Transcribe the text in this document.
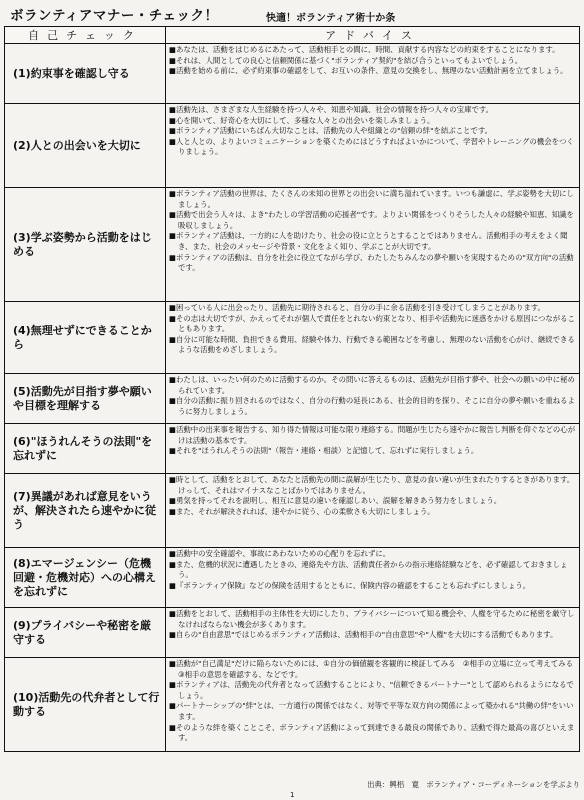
ボランティアマナー・チェック！	快適！ボランティア術十か条
自己チェック	アドバイス
(1)約束事を確認し守る	■あなたは、活動をはじめるにあたって、活動相手との間に、時間、貢献する内容などの約束をすることになります。

■それは、人間としての良心と信頼関係に基づく"ボランティア契約"を結び合うといってもよいでしょう。

■活動を始める前に、必ず約束事の確認をして、お互いの条件、意見の交換をし、無理のない活動計画を立てましょう。

(2)人との出会いを大切に	■活動先は、さまざまな人生経験を持つ人々や、知恵や知識、社会の情報を持つ人々の宝庫です。

■心を開いて、好奇心を大切にして、多様な人々との出会いを楽しみましょう。

■ボランティア活動にいちばん大切なことは、活動先の人や組織との"信頼の絆"を結ぶことです。

■人と人との、よりよいコミュニケーションを築くためにはどうすればよいかについて、学習やトレーニングの機会をつくりましょう。

(3)学ぶ姿勢から活動をはじめる	■ボランティア活動の世界は、たくさんの未知の世界との出会いに満ち溢れています。いつも謙虚に、学ぶ姿勢を大切にしましょう。

■活動で出会う人々は、よき"わたしの学習活動の応援者"です。よりよい関係をつくりそうした人々の経験や知恵、知識を吸収しましょう。

■ボランティア活動は、一方的に人を助けたり、社会の役に立とうとすることではありません。活動相手の考えをよく聞き、また、社会のメッセージや背景・文化をよく知り、学ぶことが大切です。

■ボランティアの活動は、自分を社会に役立てながら学び、わたしたちみんなの夢や願いを実現するための"双方向"の活動です。

(4)無理せずにできることから	■困っている人に出会ったり、活動先に期待されると、自分の手に余る活動を引き受けてしまうことがあります。

■その志は大切ですが、かえってそれが個人で責任をとれない約束となり、相手や活動先に迷惑をかける原因につながることもあります。

■自分に可能な時間、負担できる費用、経験や体力、行動できる範囲などを考慮し、無理のない活動を心がけ、継続できるような活動をめざしましょう。

(5)活動先が目指す夢や願いや目標を理解する	■わたしは、いったい何のために活動するのか。その問いに答えるものは、活動先が目指す夢や、社会への願いの中に秘められています。

■自分の活動に振り回されるのではなく、自分の行動の延長にある、社会的目的を探り、そこに自分の夢や願いを重ねるように努力しましょう。

(6)"ほうれんそうの法則"を忘れずに	■活動中の出来事を報告する、知り得た情報は可能な限り連絡する。問題が生じたら速やかに報告し判断を仰ぐなどの心がけは活動の基本です。

■それを"ほうれんそうの法則"（報告・連絡・相談）と記憶して、忘れずに実行しましょう。

(7)異議があれば意見をいうが、解決されたら速やかに従う	■時として、活動をとおして、あなたと活動先の間に誤解が生じたり、意見の食い違いが生まれたりするときがあります。けっして、それはマイナスなことばかりではありません。

■勇気を持ってそれを説明し、相互に意見の違いを確認しあい、誤解を解きあう努力をしましょう。

■また、それが解決されれば、速やかに従う、心の柔軟さも大切にしましょう。

(8)エマージェンシー（危機回避・危機対応）への心構えを忘れずに	■活動中の安全確認や、事故にあわないための心配りを忘れずに。

■また、危機的状況に遭遇したときの、連絡先や方法、活動責任者からの指示連絡経験などを、必ず確認しておきましょう。

■『ボランティア保険』などの保険を活用するとともに、保険内容の確認をすることも忘れずにしましょう。

(9)プライバシーや秘密を厳守する	■活動をとおして、活動相手の主体性を大切にしたり、プライバシーについて知る機会や、人権を守るために秘密を厳守しなければならない機会が多くあります。

■自らの"自由意思"ではじめるボランティア活動は、活動相手の"自由意思"や"人権"を大切にする活動でもあります。

(10)活動先の代弁者として行動する	■活動が"自己満足"だけに陥らないためには、①自分の価値観を客観的に検証してみる　②相手の立場に立って考えてみる　③相手の意思を確認する、などです。

■ボランティアは、活動先の代弁者となって活動することにより、"信頼できるパートナー"として認められるようになるでしょう。

■パートナーシップの"絆"とは、一方通行の関係ではなく、対等で平等な双方向の関係によって築かれる"共働の絆"をいいます。

■そのような絆を築くことこそ、ボランティア活動によって到達できる最良の関係であり、活動で得た最高の喜びといえます。

出典：興梠　寛　ボランティア・コーディネーションを学ぶより
1
